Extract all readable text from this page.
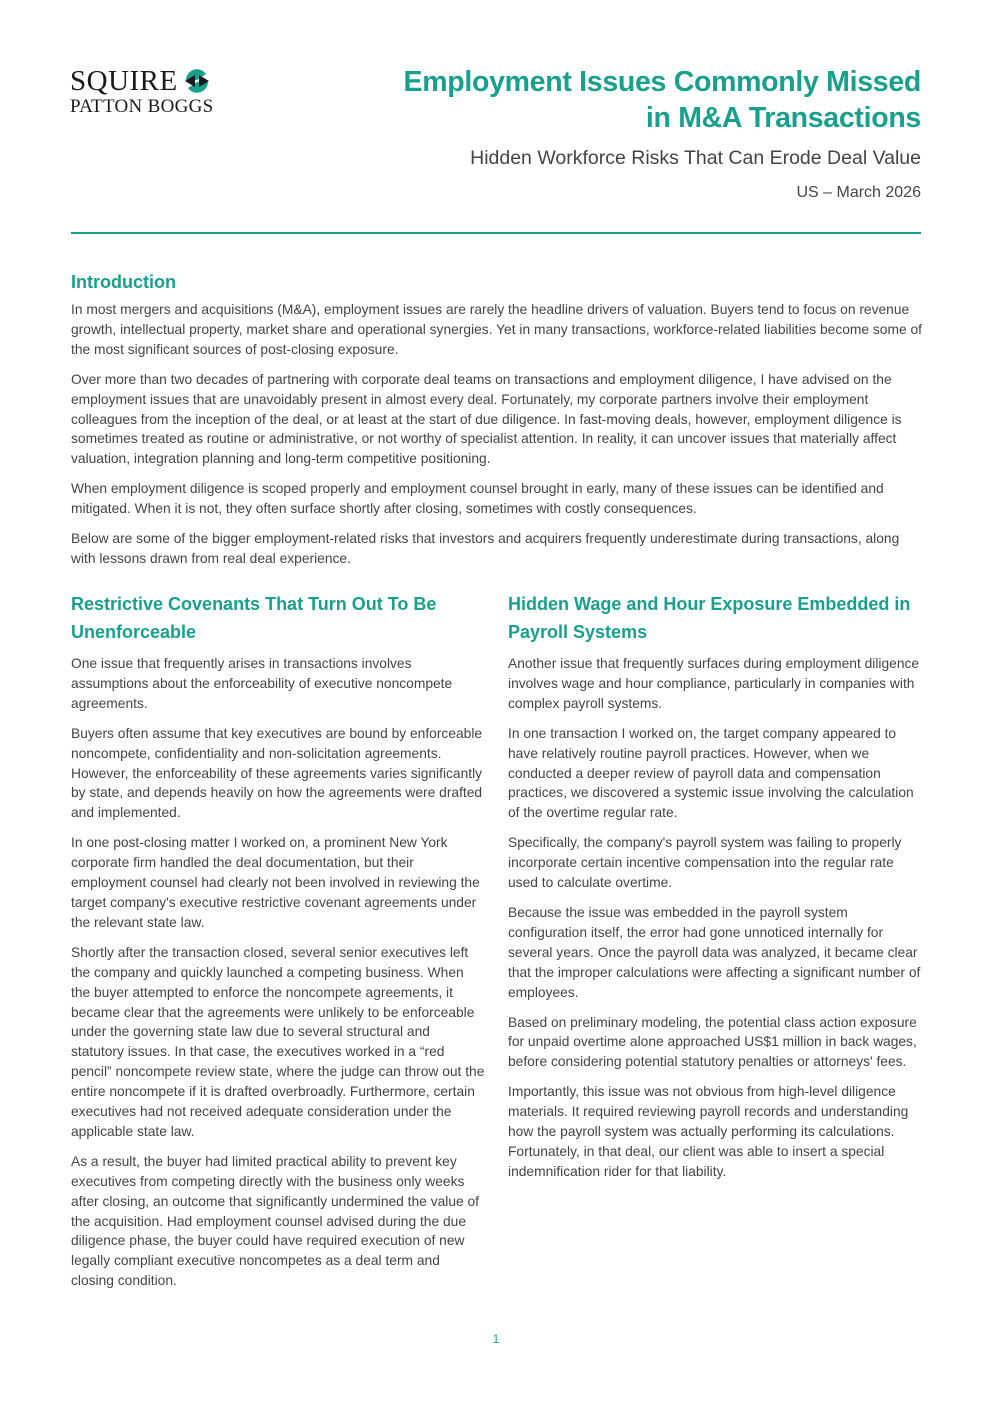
SQUIRE
PATTON BOGGS
Employment Issues Commonly Missed
in M&A Transactions
Hidden Workforce Risks That Can Erode Deal Value
US – March 2026
Introduction

In most mergers and acquisitions (M&A), employment issues are rarely the headline drivers of valuation. Buyers tend to focus on revenue growth, intellectual property, market share and operational synergies. Yet in many transactions, workforce-related liabilities become some of the most significant sources of post-closing exposure.

Over more than two decades of partnering with corporate deal teams on transactions and employment diligence, I have advised on the employment issues that are unavoidably present in almost every deal. Fortunately, my corporate partners involve their employment colleagues from the inception of the deal, or at least at the start of due diligence. In fast-moving deals, however, employment diligence is sometimes treated as routine or administrative, or not worthy of specialist attention. In reality, it can uncover issues that materially affect valuation, integration planning and long-term competitive positioning.

When employment diligence is scoped properly and employment counsel brought in early, many of these issues can be identified and mitigated. When it is not, they often surface shortly after closing, sometimes with costly consequences.

Below are some of the bigger employment-related risks that investors and acquirers frequently underestimate during transactions, along with lessons drawn from real deal experience.

Restrictive Covenants That Turn Out To Be Unenforceable

One issue that frequently arises in transactions involves assumptions about the enforceability of executive noncompete agreements.

Buyers often assume that key executives are bound by enforceable noncompete, confidentiality and non-solicitation agreements. However, the enforceability of these agreements varies significantly by state, and depends heavily on how the agreements were drafted and implemented.

In one post-closing matter I worked on, a prominent New York corporate firm handled the deal documentation, but their employment counsel had clearly not been involved in reviewing the target company's executive restrictive covenant agreements under the relevant state law.

Shortly after the transaction closed, several senior executives left the company and quickly launched a competing business. When the buyer attempted to enforce the noncompete agreements, it became clear that the agreements were unlikely to be enforceable under the governing state law due to several structural and statutory issues. In that case, the executives worked in a “red pencil” noncompete review state, where the judge can throw out the entire noncompete if it is drafted overbroadly. Furthermore, certain executives had not received adequate consideration under the applicable state law.

As a result, the buyer had limited practical ability to prevent key executives from competing directly with the business only weeks after closing, an outcome that significantly undermined the value of the acquisition. Had employment counsel advised during the due diligence phase, the buyer could have required execution of new legally compliant executive noncompetes as a deal term and closing condition.

Hidden Wage and Hour Exposure Embedded in Payroll Systems

Another issue that frequently surfaces during employment diligence involves wage and hour compliance, particularly in companies with complex payroll systems.

In one transaction I worked on, the target company appeared to have relatively routine payroll practices. However, when we conducted a deeper review of payroll data and compensation practices, we discovered a systemic issue involving the calculation of the overtime regular rate.

Specifically, the company's payroll system was failing to properly incorporate certain incentive compensation into the regular rate used to calculate overtime.

Because the issue was embedded in the payroll system configuration itself, the error had gone unnoticed internally for several years. Once the payroll data was analyzed, it became clear that the improper calculations were affecting a significant number of employees.

Based on preliminary modeling, the potential class action exposure for unpaid overtime alone approached US$1 million in back wages, before considering potential statutory penalties or attorneys' fees.

Importantly, this issue was not obvious from high-level diligence materials. It required reviewing payroll records and understanding how the payroll system was actually performing its calculations. Fortunately, in that deal, our client was able to insert a special indemnification rider for that liability.

1
